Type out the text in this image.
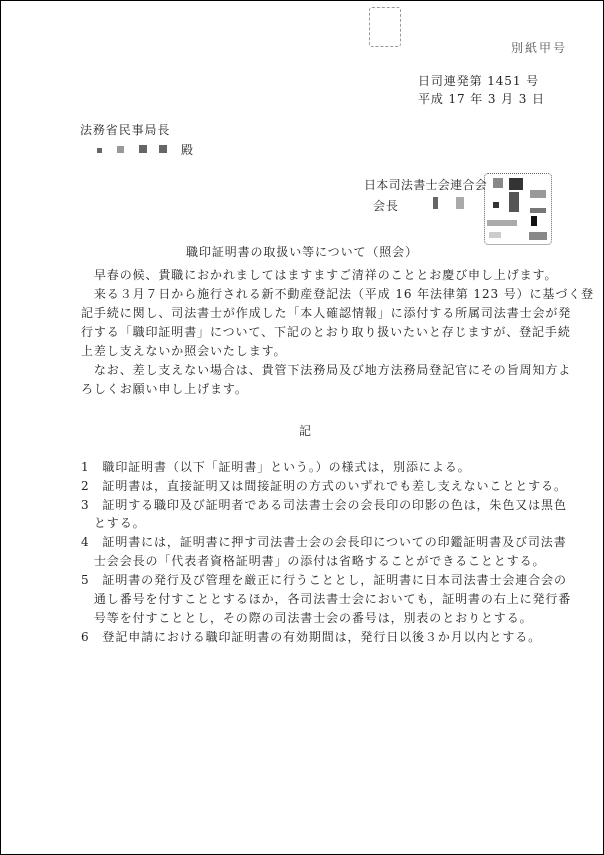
別紙甲号
日司連発第 1451 号
平成 17 年 3 月 3 日
法務省民事局長
殿
日本司法書士会連合会
会長
職印証明書の取扱い等について（照会）
　早春の候、貴職におかれましてはますますご清祥のこととお慶び申し上げます。
　来る３月７日から施行される新不動産登記法（平成 16 年法律第 123 号）に基づく登
記手続に関し、司法書士が作成した「本人確認情報」に添付する所属司法書士会が発
行する「職印証明書」について、下記のとおり取り扱いたいと存じますが、登記手続
上差し支えないか照会いたします。
　なお、差し支えない場合は、貴管下法務局及び地方法務局登記官にその旨周知方よ
ろしくお願い申し上げます。
記
1　職印証明書（以下「証明書」という。）の様式は，別添による。
2　証明書は，直接証明又は間接証明の方式のいずれでも差し支えないこととする。
3　証明する職印及び証明者である司法書士会の会長印の印影の色は，朱色又は黒色
　とする。
4　証明書には，証明書に押す司法書士会の会長印についての印鑑証明書及び司法書
　士会会長の「代表者資格証明書」の添付は省略することができることとする。
5　証明書の発行及び管理を厳正に行うこととし，証明書に日本司法書士会連合会の
　通し番号を付すこととするほか，各司法書士会においても，証明書の右上に発行番
　号等を付すこととし，その際の司法書士会の番号は，別表のとおりとする。
6　登記申請における職印証明書の有効期間は，発行日以後３か月以内とする。
